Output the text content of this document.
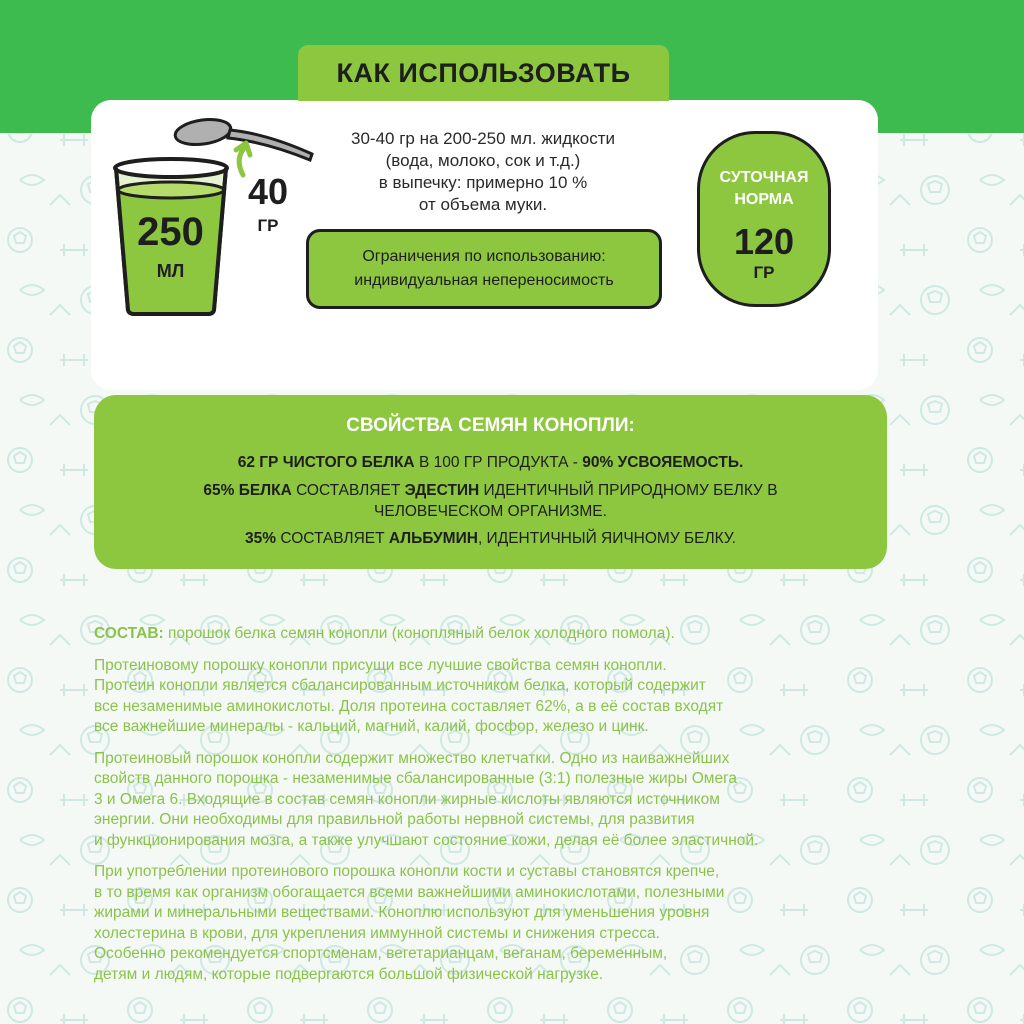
КАК ИСПОЛЬЗОВАТЬ
250
МЛ
40
ГР
30-40 гр на 200-250 мл. жидкости
(вода, молоко, сок и т.д.)
в выпечку: примерно 10 %
от объема муки.
Ограничения по использованию:
индивидуальная непереносимость
СУТОЧНАЯ
НОРМА
120
ГР
СВОЙСТВА СЕМЯН КОНОПЛИ:
62 ГР ЧИСТОГО БЕЛКА В 100 ГР ПРОДУКТА - 90% УСВОЯЕМОСТЬ.
65% БЕЛКА СОСТАВЛЯЕТ ЭДЕСТИН ИДЕНТИЧНЫЙ ПРИРОДНОМУ БЕЛКУ В
ЧЕЛОВЕЧЕСКОМ ОРГАНИЗМЕ.
35% СОСТАВЛЯЕТ АЛЬБУМИН, ИДЕНТИЧНЫЙ ЯИЧНОМУ БЕЛКУ.
СОСТАВ: порошок белка семян конопли (конопляный белок холодного помола).
Протеиновому порошку конопли присущи все лучшие свойства семян конопли.
Протеин конопли является сбалансированным источником белка, который содержит
все незаменимые аминокислоты. Доля протеина составляет 62%, а в её состав входят
все важнейшие минералы - кальций, магний, калий, фосфор, железо и цинк.
Протеиновый порошок конопли содержит множество клетчатки. Одно из наиважнейших
свойств данного порошка - незаменимые сбалансированные (3:1) полезные жиры Омега
3 и Омега 6. Входящие в состав семян конопли жирные кислоты являются источником
энергии. Они необходимы для правильной работы нервной системы, для развития
и функционирования мозга, а также улучшают состояние кожи, делая её более эластичной.
При употреблении протеинового порошка конопли кости и суставы становятся крепче,
в то время как организм обогащается всеми важнейшими аминокислотами, полезными
жирами и минеральными веществами. Коноплю используют для уменьшения уровня
холестерина в крови, для укрепления иммунной системы и снижения стресса.
Особенно рекомендуется спортсменам, вегетарианцам, веганам, беременным,
детям и людям, которые подвергаются большой физической нагрузке.
